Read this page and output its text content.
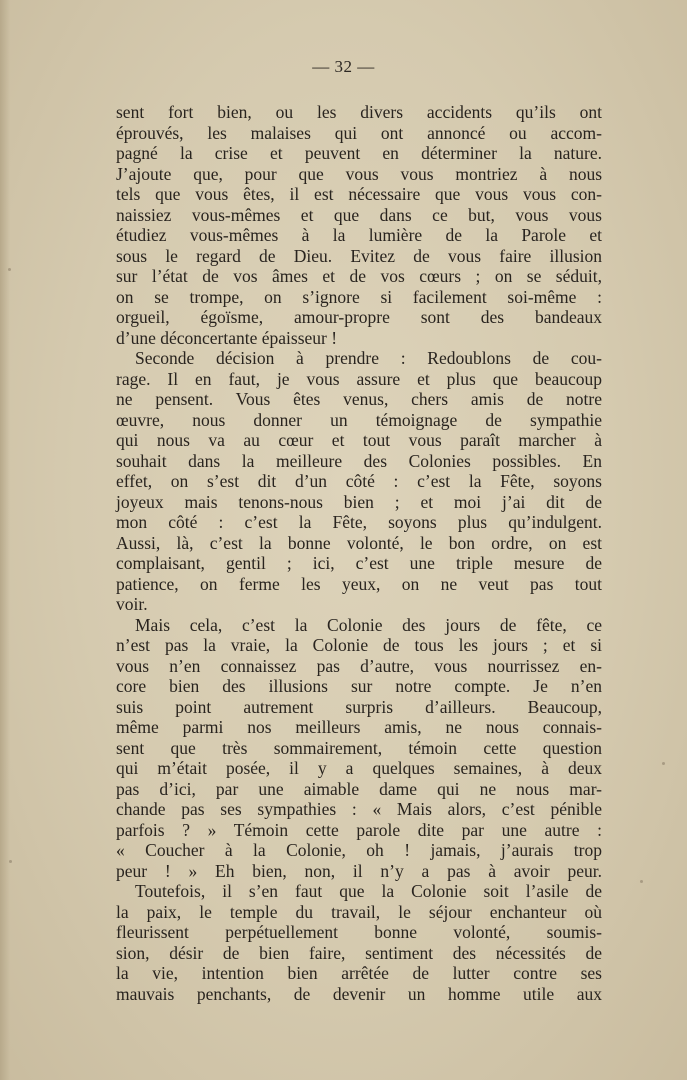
— 32 —
sent fort bien, ou les divers accidents qu’ils ont
éprouvés, les malaises qui ont annoncé ou accom-
pagné la crise et peuvent en déterminer la nature.
J’ajoute que, pour que vous vous montriez à nous
tels que vous êtes, il est nécessaire que vous vous con-
naissiez vous-mêmes et que dans ce but, vous vous
étudiez vous-mêmes à la lumière de la Parole et
sous le regard de Dieu. Evitez de vous faire illusion
sur l’état de vos âmes et de vos cœurs ; on se séduit,
on se trompe, on s’ignore si facilement soi-même :
orgueil, égoïsme, amour-propre sont des bandeaux
d’une déconcertante épaisseur !
Seconde décision à prendre : Redoublons de cou-
rage. Il en faut, je vous assure et plus que beaucoup
ne pensent. Vous êtes venus, chers amis de notre
œuvre, nous donner un témoignage de sympathie
qui nous va au cœur et tout vous paraît marcher à
souhait dans la meilleure des Colonies possibles. En
effet, on s’est dit d’un côté : c’est la Fête, soyons
joyeux mais tenons-nous bien ; et moi j’ai dit de
mon côté : c’est la Fête, soyons plus qu’indulgent.
Aussi, là, c’est la bonne volonté, le bon ordre, on est
complaisant, gentil ; ici, c’est une triple mesure de
patience, on ferme les yeux, on ne veut pas tout
voir.
Mais cela, c’est la Colonie des jours de fête, ce
n’est pas la vraie, la Colonie de tous les jours ; et si
vous n’en connaissez pas d’autre, vous nourrissez en-
core bien des illusions sur notre compte. Je n’en
suis point autrement surpris d’ailleurs. Beaucoup,
même parmi nos meilleurs amis, ne nous connais-
sent que très sommairement, témoin cette question
qui m’était posée, il y a quelques semaines, à deux
pas d’ici, par une aimable dame qui ne nous mar-
chande pas ses sympathies : « Mais alors, c’est pénible
parfois ? » Témoin cette parole dite par une autre :
« Coucher à la Colonie, oh ! jamais, j’aurais trop
peur ! » Eh bien, non, il n’y a pas à avoir peur.
Toutefois, il s’en faut que la Colonie soit l’asile de
la paix, le temple du travail, le séjour enchanteur où
fleurissent perpétuellement bonne volonté, soumis-
sion, désir de bien faire, sentiment des nécessités de
la vie, intention bien arrêtée de lutter contre ses
mauvais penchants, de devenir un homme utile aux
